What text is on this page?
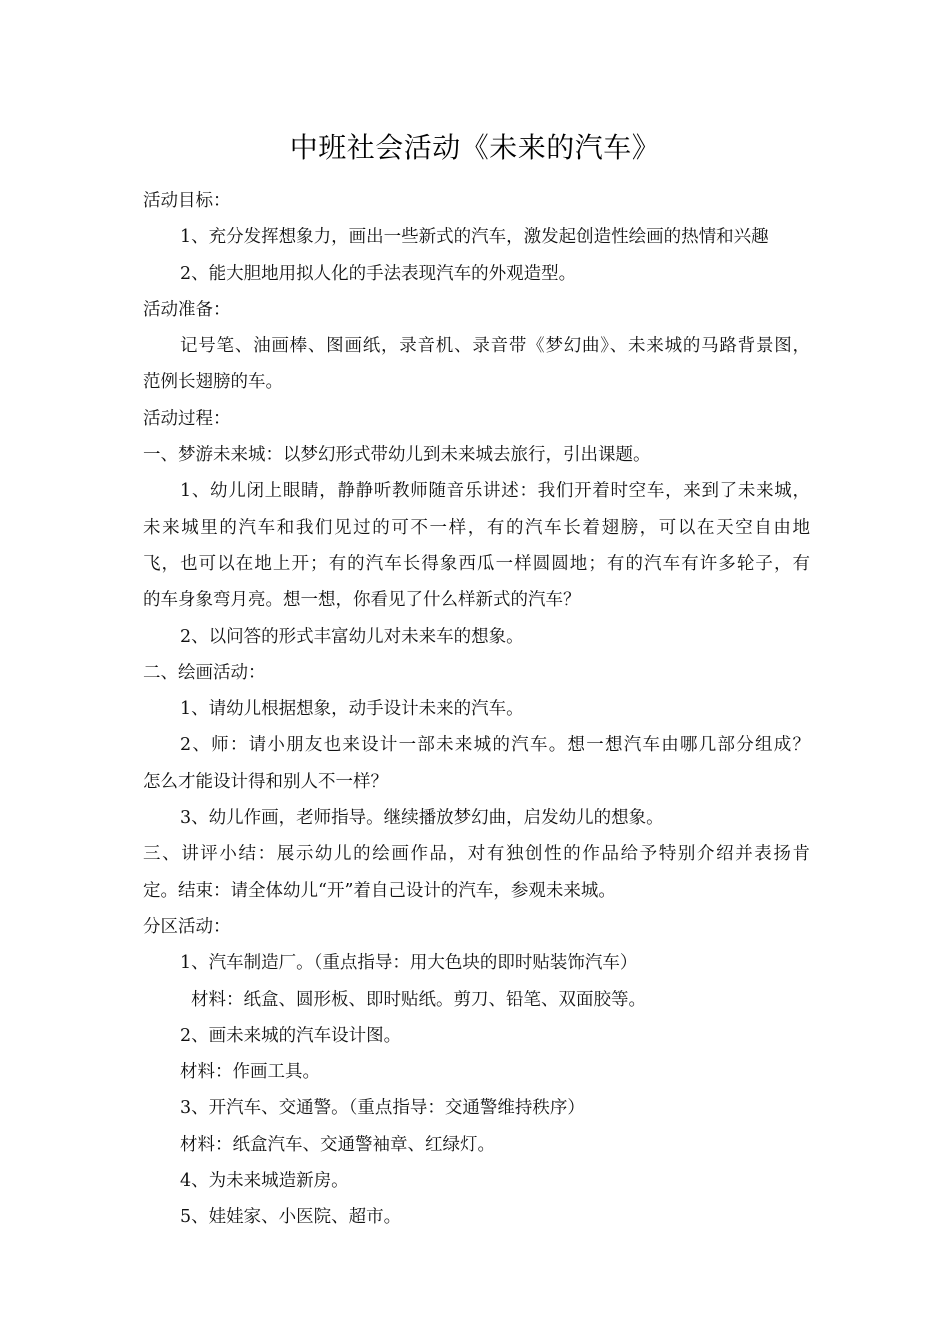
中班社会活动《未来的汽车》
活动目标：
1、充分发挥想象力，画出一些新式的汽车，激发起创造性绘画的热情和兴趣
2、能大胆地用拟人化的手法表现汽车的外观造型。
活动准备：
记号笔、油画棒、图画纸，录音机、录音带《梦幻曲》、未来城的马路背景图，
范例长翅膀的车。
活动过程：
一、梦游未来城：以梦幻形式带幼儿到未来城去旅行，引出课题。
1、幼儿闭上眼睛，静静听教师随音乐讲述：我们开着时空车，来到了未来城，
未来城里的汽车和我们见过的可不一样，有的汽车长着翅膀，可以在天空自由地
飞，也可以在地上开；有的汽车长得象西瓜一样圆圆地；有的汽车有许多轮子，有
的车身象弯月亮。想一想，你看见了什么样新式的汽车？
2、以问答的形式丰富幼儿对未来车的想象。
二、绘画活动：
1、请幼儿根据想象，动手设计未来的汽车。
2、师：请小朋友也来设计一部未来城的汽车。想一想汽车由哪几部分组成？
怎么才能设计得和别人不一样？
3、幼儿作画，老师指导。继续播放梦幻曲，启发幼儿的想象。
三、讲评小结：展示幼儿的绘画作品，对有独创性的作品给予特别介绍并表扬肯
定。结束：请全体幼儿“开”着自己设计的汽车，参观未来城。
分区活动：
1、汽车制造厂。（重点指导：用大色块的即时贴装饰汽车）
材料：纸盒、圆形板、即时贴纸。剪刀、铅笔、双面胶等。
2、画未来城的汽车设计图。
材料：作画工具。
3、开汽车、交通警。（重点指导：交通警维持秩序）
材料：纸盒汽车、交通警袖章、红绿灯。
4、为未来城造新房。
5、娃娃家、小医院、超市。
